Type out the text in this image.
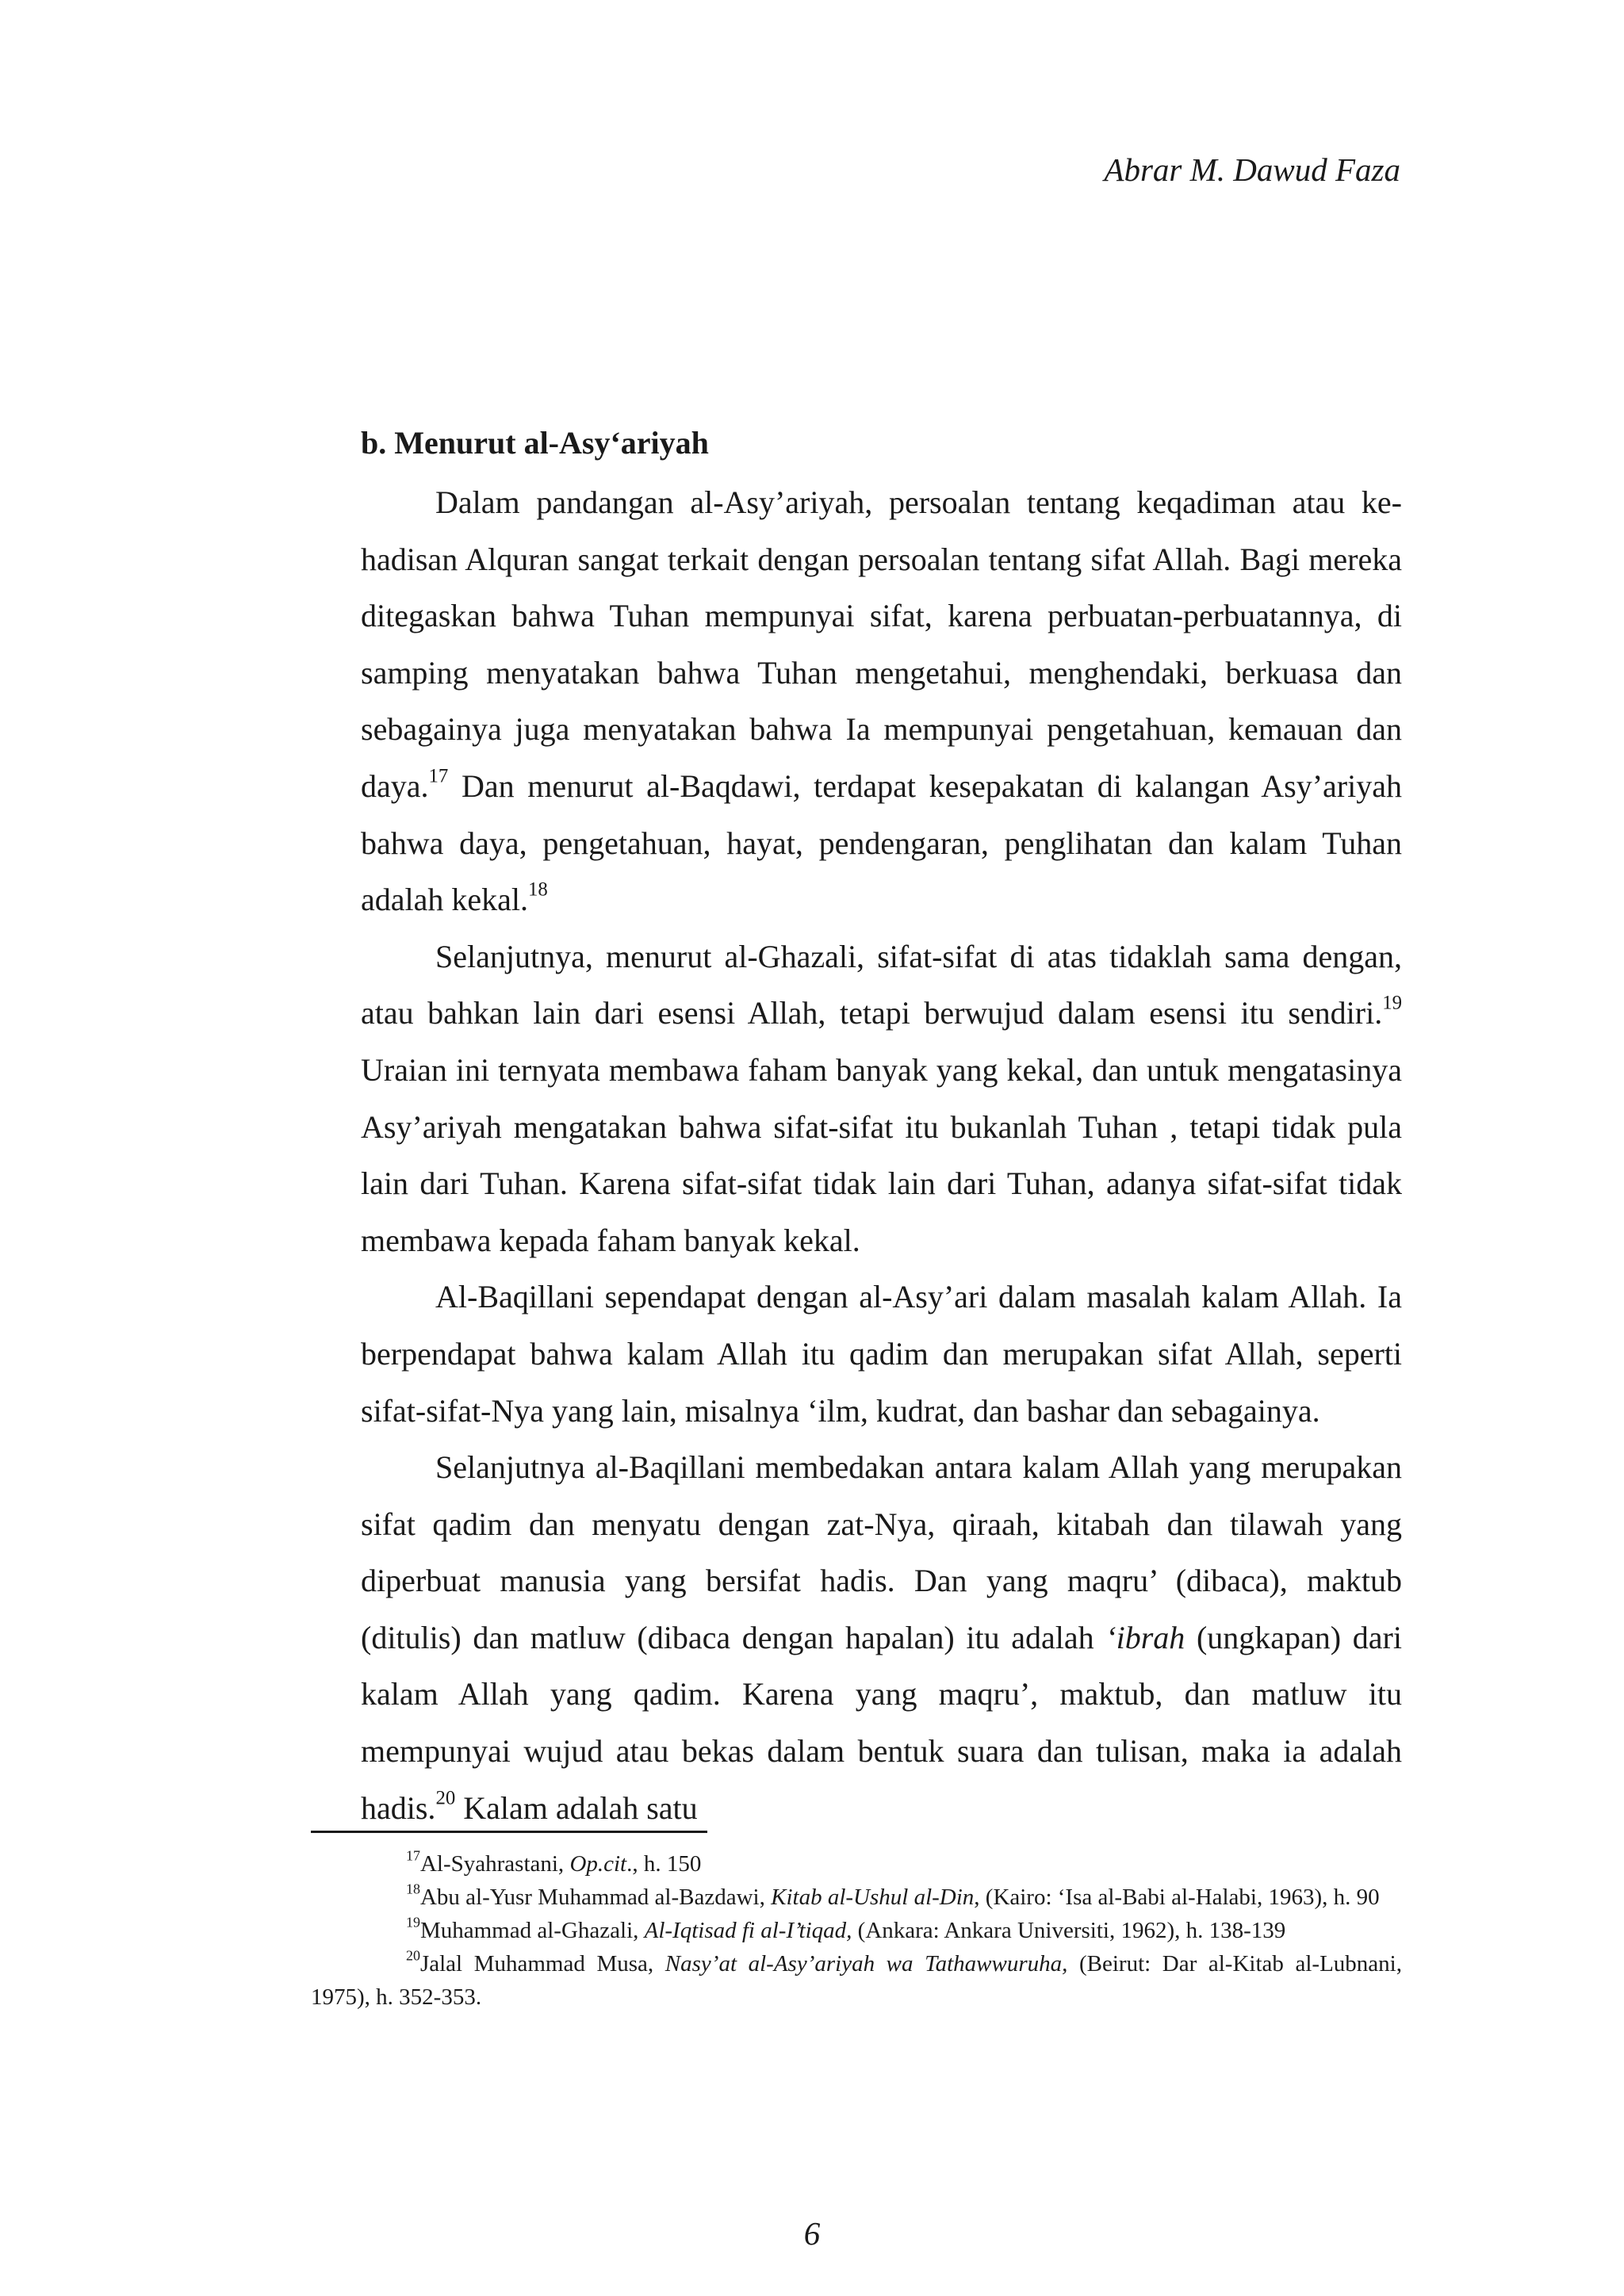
Abrar M. Dawud Faza
b. Menurut al-Asy‘ariyah

Dalam pandangan al-Asy’ariyah, persoalan tentang keqadiman atau ke-hadisan Alquran sangat terkait dengan persoalan tentang sifat Allah. Bagi mereka ditegaskan bahwa Tuhan mempunyai sifat, karena perbuatan-perbuatannya, di samping menyatakan bahwa Tuhan mengetahui, menghendaki, berkuasa dan sebagainya juga menyatakan bahwa Ia mempunyai pengetahuan, kemauan dan daya.$^{17}$ Dan menurut al-Baqdawi, terdapat kesepakatan di kalangan Asy’ariyah bahwa daya, pengetahuan, hayat, pendengaran, penglihatan dan kalam Tuhan adalah kekal.$^{18}$

Selanjutnya, menurut al-Ghazali, sifat-sifat di atas tidaklah sama dengan, atau bahkan lain dari esensi Allah, tetapi berwujud dalam esensi itu sendiri.$^{19}$ Uraian ini ternyata membawa faham banyak yang kekal, dan untuk mengatasinya Asy’ariyah mengatakan bahwa sifat-sifat itu bukanlah Tuhan , tetapi tidak pula lain dari Tuhan. Karena sifat-sifat tidak lain dari Tuhan, adanya sifat-sifat tidak membawa kepada faham banyak kekal.

Al-Baqillani sependapat dengan al-Asy’ari dalam masalah kalam Allah. Ia berpendapat bahwa kalam Allah itu qadim dan merupakan sifat Allah, seperti sifat-sifat-Nya yang lain, misalnya ‘ilm, kudrat, dan bashar dan sebagainya.

Selanjutnya al-Baqillani membedakan antara kalam Allah yang merupakan sifat qadim dan menyatu dengan zat-Nya, qiraah, kitabah dan tilawah yang diperbuat manusia yang bersifat hadis. Dan yang maqru’ (dibaca), maktub (ditulis) dan matluw (dibaca dengan hapalan) itu adalah ‘ibrah (ungkapan) dari kalam Allah yang qadim. Karena yang maqru’, maktub, dan matluw itu mempunyai wujud atau bekas dalam bentuk suara dan tulisan, maka ia adalah hadis.$^{20}$ Kalam adalah satu

$^{17}$Al-Syahrastani, Op.cit., h. 150

$^{18}$Abu al-Yusr Muhammad al-Bazdawi, Kitab al-Ushul al-Din, (Kairo: ‘Isa al-Babi al-Halabi, 1963), h. 90

$^{19}$Muhammad al-Ghazali, Al-Iqtisad fi al-I’tiqad, (Ankara: Ankara Universiti, 1962), h. 138-139

$^{20}$Jalal Muhammad Musa, Nasy’at al-Asy’ariyah wa Tathawwuruha, (Beirut: Dar al-Kitab al-Lubnani, 1975), h. 352-353.

6
